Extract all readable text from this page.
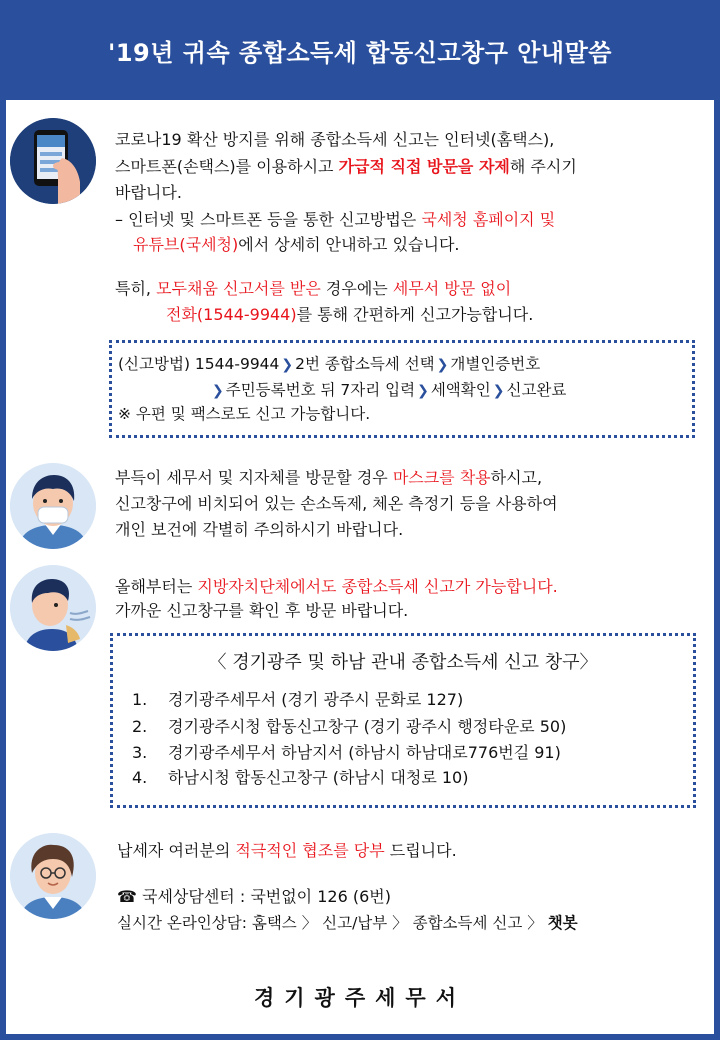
'19년 귀속 종합소득세 합동신고창구 안내말씀
코로나19 확산 방지를 위해 종합소득세 신고는 인터넷(홈택스),
스마트폰(손택스)를 이용하시고 가급적 직접 방문을 자제해 주시기
바랍니다.
– 인터넷 및 스마트폰 등을 통한 신고방법은 국세청 홈페이지 및
유튜브(국세청)에서 상세히 안내하고 있습니다.
특히, 모두채움 신고서를 받은 경우에는 세무서 방문 없이
전화(1544-9944)를 통해 간편하게 신고가능합니다.
(신고방법) 1544-9944 ❯ 2번 종합소득세 선택 ❯ 개별인증번호
❯ 주민등록번호 뒤 7자리 입력 ❯ 세액확인 ❯ 신고완료
※ 우편 및 팩스로도 신고 가능합니다.
부득이 세무서 및 지자체를 방문할 경우 마스크를 착용하시고,
신고창구에 비치되어 있는 손소독제, 체온 측정기 등을 사용하여
개인 보건에 각별히 주의하시기 바랍니다.
올해부터는 지방자치단체에서도 종합소득세 신고가 가능합니다.
가까운 신고창구를 확인 후 방문 바랍니다.
〈 경기광주 및 하남 관내 종합소득세 신고 창구〉
1. 경기광주세무서 (경기 광주시 문화로 127)
2. 경기광주시청 합동신고창구 (경기 광주시 행정타운로 50)
3. 경기광주세무서 하남지서 (하남시 하남대로776번길 91)
4. 하남시청 합동신고창구 (하남시 대청로 10)
납세자 여러분의 적극적인 협조를 당부 드립니다.
☎ 국세상담센터 : 국번없이 126 (6번)
실시간 온라인상담: 홈택스 〉 신고/납부 〉 종합소득세 신고 〉 챗봇
경기광주세무서
